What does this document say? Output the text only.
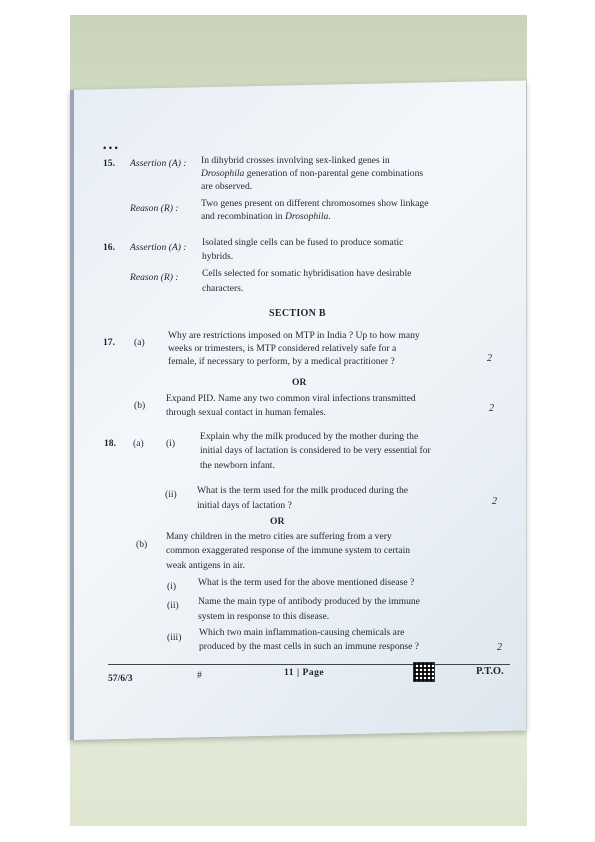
• • •
15. Assertion (A) : In dihybrid crosses involving sex-linked genes in
Drosophila generation of non-parental gene combinations
are observed.
Reason (R) : Two genes present on different chromosomes show linkage
and recombination in Drosophila.
16. Assertion (A) : Isolated single cells can be fused to produce somatic
hybrids.
Reason (R) : Cells selected for somatic hybridisation have desirable
characters.
SECTION B
17. (a)
Why are restrictions imposed on MTP in India ? Up to how many
weeks or trimesters, is MTP considered relatively safe for a
female, if necessary to perform, by a medical practitioner ?	2
OR
(b)
Expand PID. Name any two common viral infections transmitted
through sexual contact in human females.	2
18. (a) (i)
Explain why the milk produced by the mother during the
initial days of lactation is considered to be very essential for
the newborn infant.
(ii) What is the term used for the milk produced during the
initial days of lactation ?	2
OR
(b)
Many children in the metro cities are suffering from a very
common exaggerated response of the immune system to certain
weak antigens in air.
(i) What is the term used for the above mentioned disease ?
(ii) Name the main type of antibody produced by the immune
system in response to this disease.
(iii) Which two main inflammation-causing chemicals are
produced by the mast cells in such an immune response ?	2
57/6/3	#	11 | Page	P.T.O.
